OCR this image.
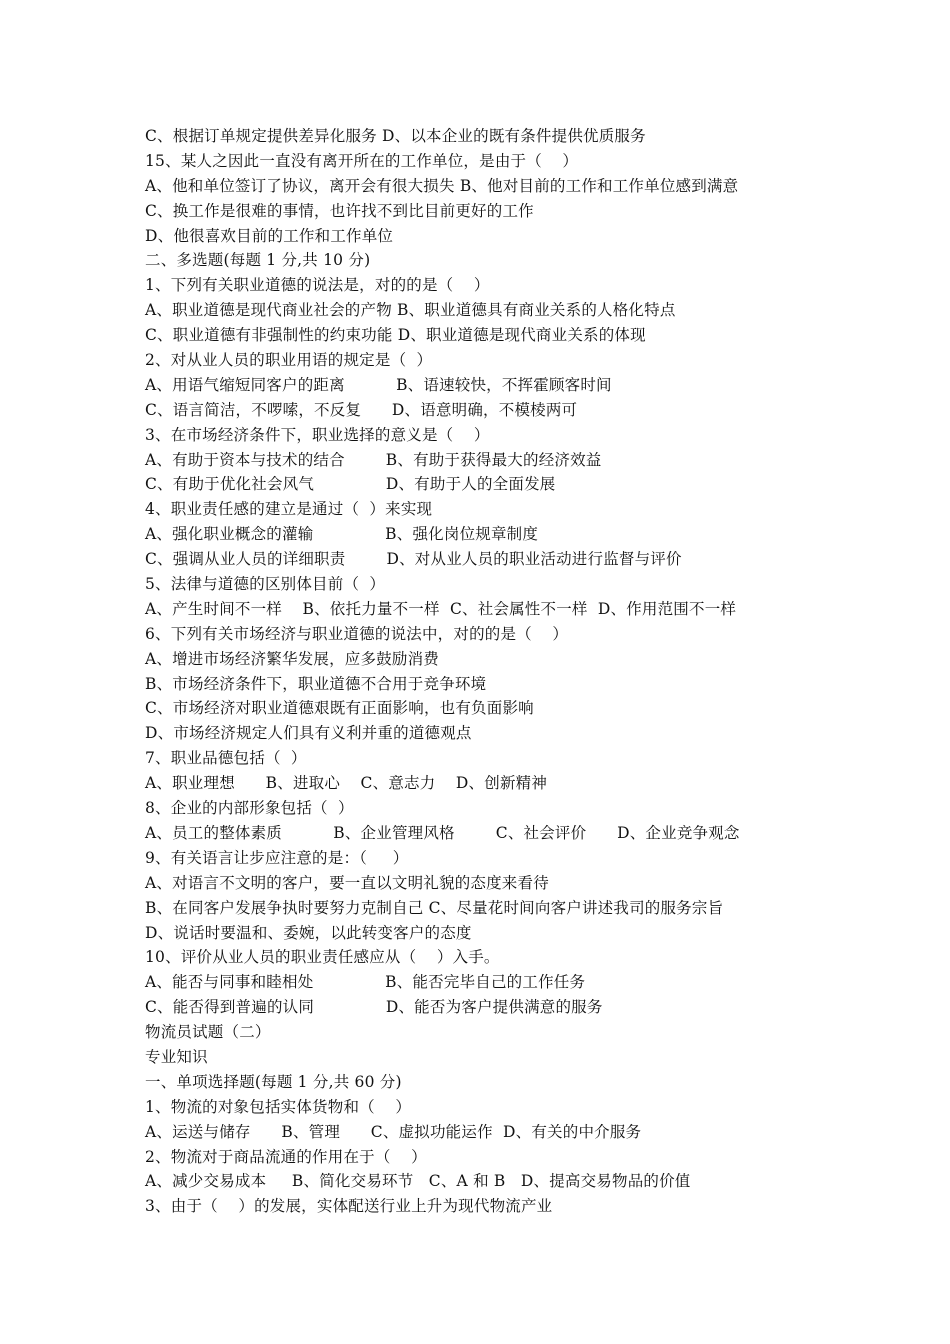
C、根据订单规定提供差异化服务 D、以本企业的既有条件提供优质服务
15、某人之因此一直没有离开所在的工作单位，是由于（    ）
A、他和单位签订了协议，离开会有很大损失 B、他对目前的工作和工作单位感到满意
C、换工作是很难的事情，也许找不到比目前更好的工作
D、他很喜欢目前的工作和工作单位
二、多选题(每题 1 分,共 10 分)
1、下列有关职业道德的说法是，对的的是（    ）
A、职业道德是现代商业社会的产物 B、职业道德具有商业关系的人格化特点
C、职业道德有非强制性的约束功能 D、职业道德是现代商业关系的体现
2、对从业人员的职业用语的规定是（  ）
A、用语气缩短同客户的距离          B、语速较快，不挥霍顾客时间
C、语言简洁，不啰嗦，不反复      D、语意明确，不模棱两可
3、在市场经济条件下，职业选择的意义是（    ）
A、有助于资本与技术的结合        B、有助于获得最大的经济效益
C、有助于优化社会风气              D、有助于人的全面发展
4、职业责任感的建立是通过（  ）来实现
A、强化职业概念的灌输              B、强化岗位规章制度
C、强调从业人员的详细职责        D、对从业人员的职业活动进行监督与评价
5、法律与道德的区别体目前（  ）
A、产生时间不一样    B、依托力量不一样  C、社会属性不一样  D、作用范围不一样
6、下列有关市场经济与职业道德的说法中，对的的是（    ）
A、增进市场经济繁华发展，应多鼓励消费
B、市场经济条件下，职业道德不合用于竞争环境
C、市场经济对职业道德艰既有正面影响，也有负面影响
D、市场经济规定人们具有义利并重的道德观点
7、职业品德包括（  ）
A、职业理想      B、进取心    C、意志力    D、创新精神
8、企业的内部形象包括（  ）
A、员工的整体素质          B、企业管理风格        C、社会评价      D、企业竞争观念
9、有关语言让步应注意的是：（     ）
A、对语言不文明的客户，要一直以文明礼貌的态度来看待
B、在同客户发展争执时要努力克制自己 C、尽量花时间向客户讲述我司的服务宗旨
D、说话时要温和、委婉，以此转变客户的态度
10、评价从业人员的职业责任感应从（    ）入手。
A、能否与同事和睦相处              B、能否完毕自己的工作任务
C、能否得到普遍的认同              D、能否为客户提供满意的服务
物流员试题（二）
专业知识
一、单项选择题(每题 1 分,共 60 分)
1、物流的对象包括实体货物和（    ）
A、运送与储存      B、管理      C、虚拟功能运作  D、有关的中介服务
2、物流对于商品流通的作用在于（    ）
A、减少交易成本     B、简化交易环节   C、A 和 B   D、提高交易物品的价值
3、由于（    ）的发展，实体配送行业上升为现代物流产业
